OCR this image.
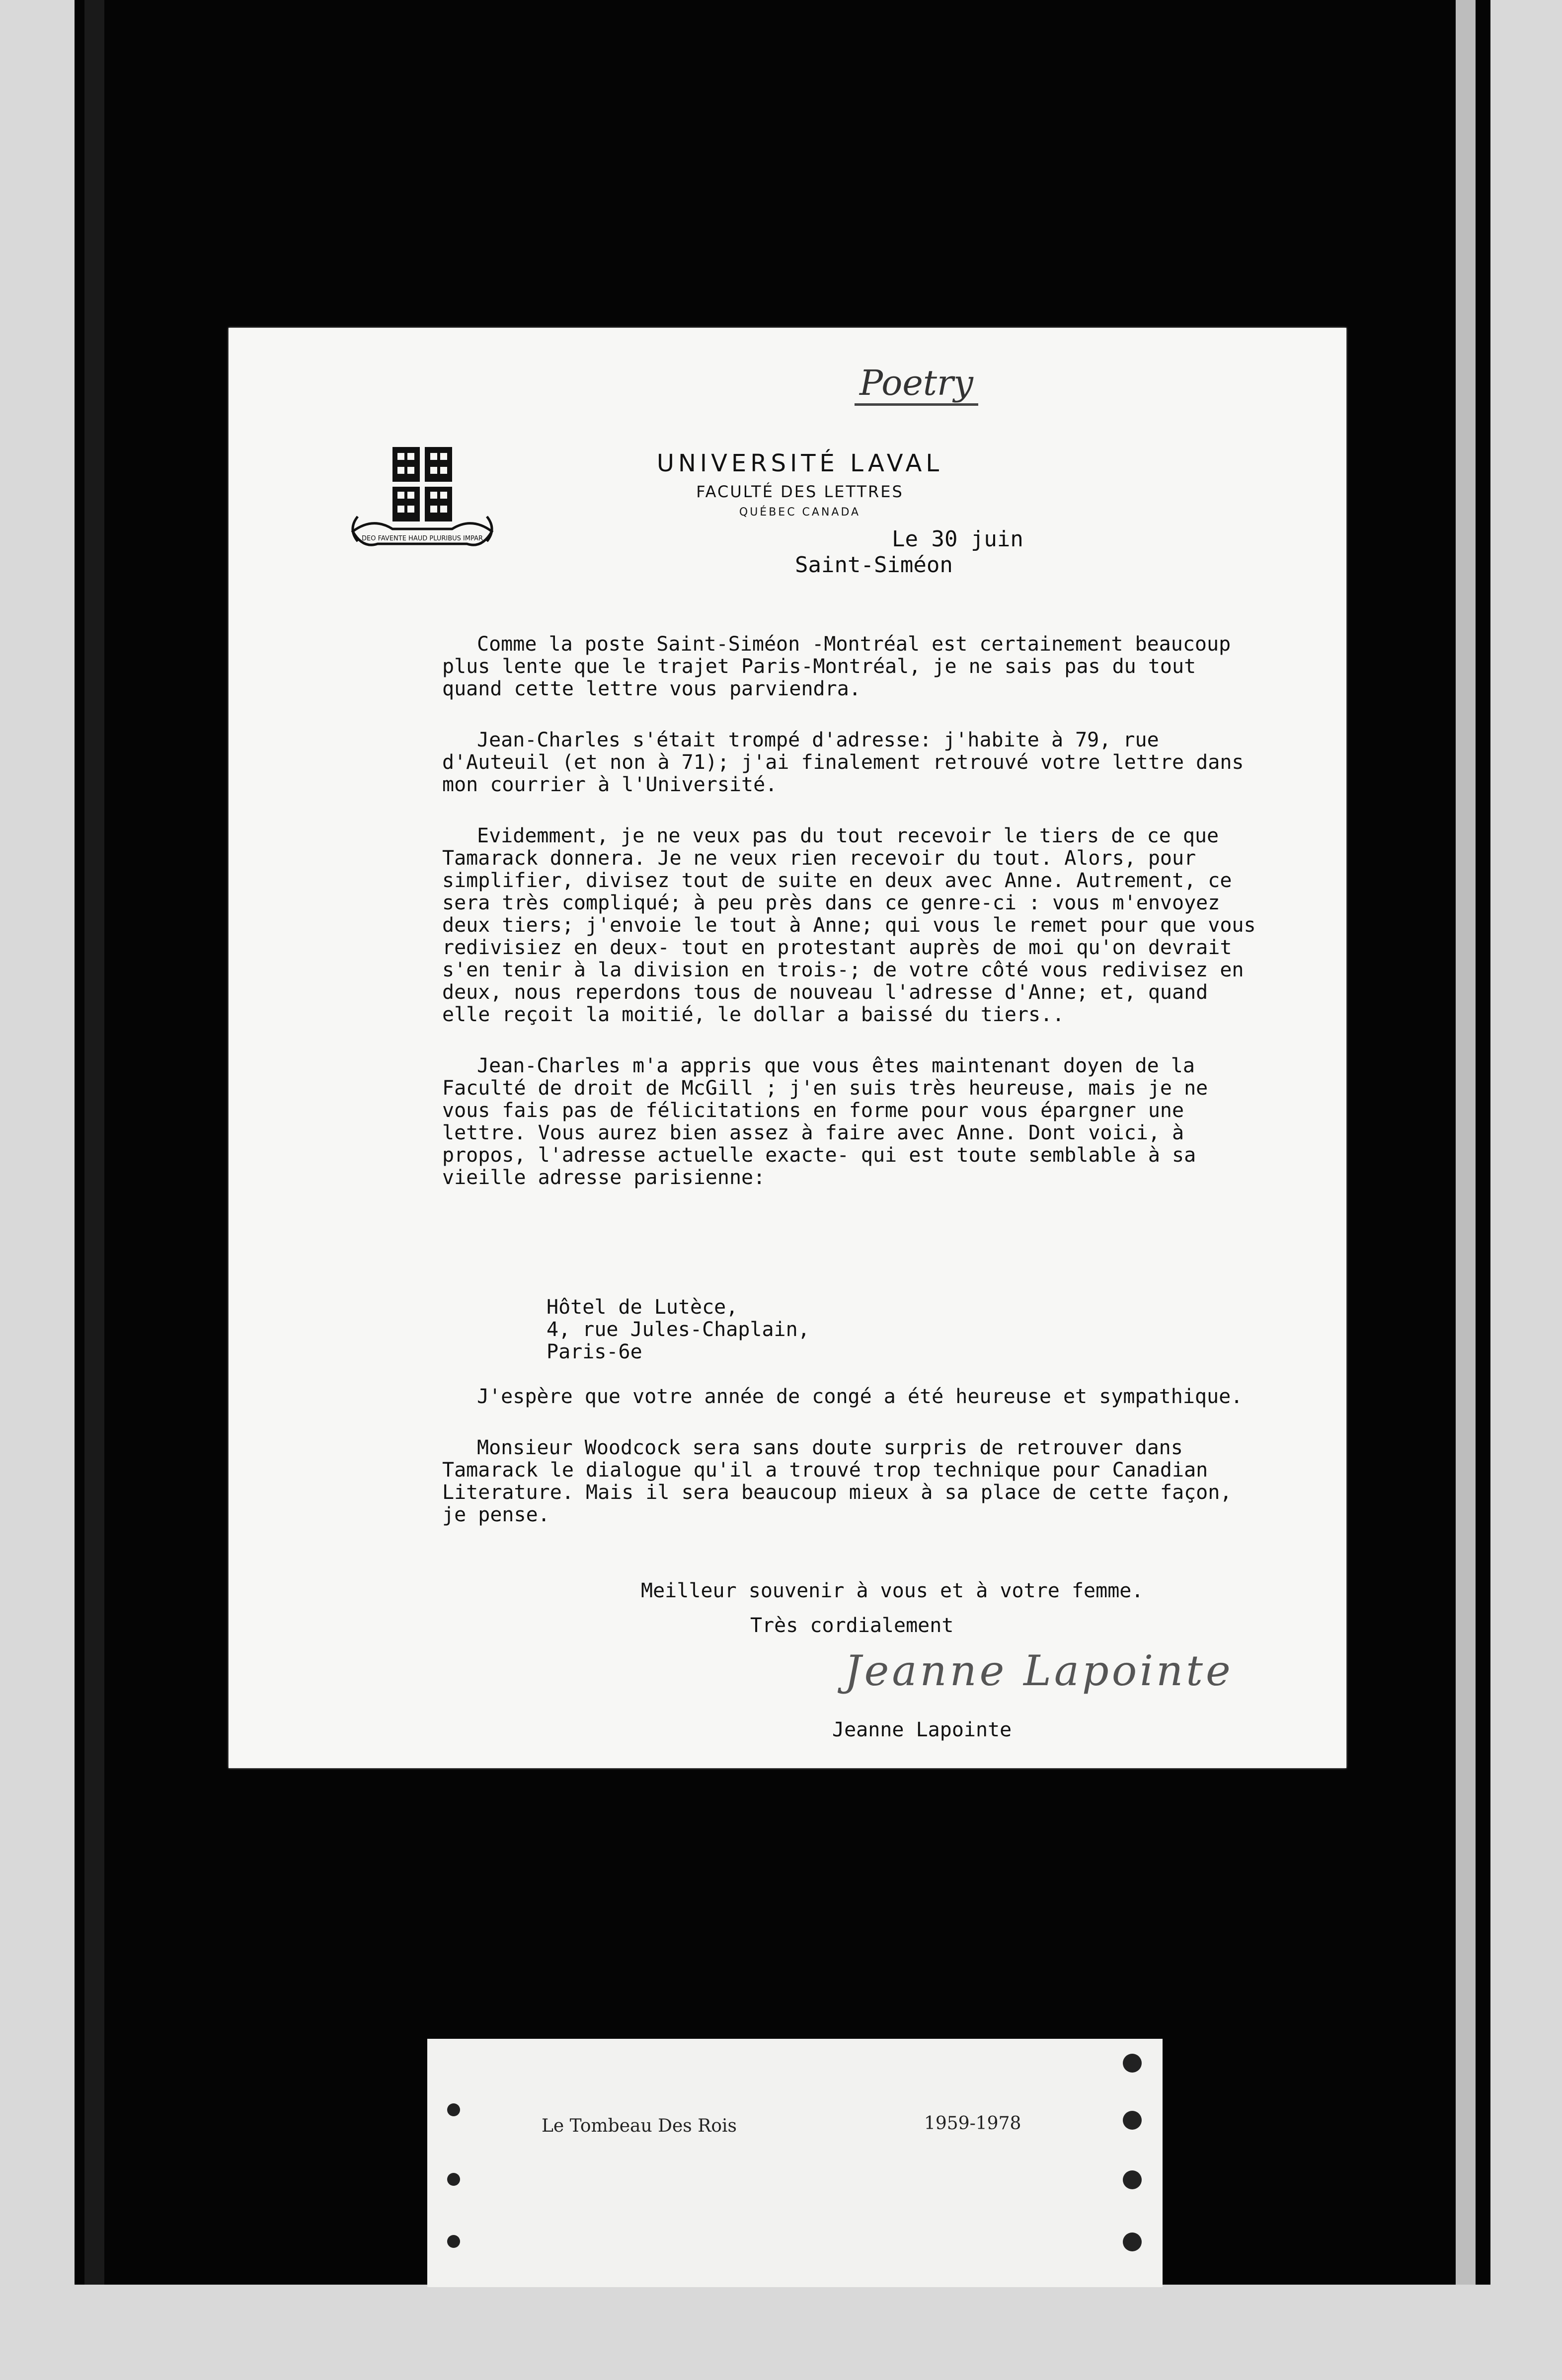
Poetry
DEO FAVENTE HAUD PLURIBUS IMPAR
UNIVERSITÉ LAVAL
FACULTÉ DES LETTRES
QUÉBEC CANADA
Le 30 juin
Saint-Siméon

Comme la poste Saint-Siméon -Montréal est certainement beaucoup plus lente que le trajet Paris-Montréal, je ne sais pas du tout quand cette lettre vous parviendra.

Jean-Charles s'était trompé d'adresse: j'habite à 79, rue d'Auteuil (et non à 71); j'ai finalement retrouvé votre lettre dans mon courrier à l'Université.

Evidemment, je ne veux pas du tout recevoir le tiers de ce que Tamarack donnera. Je ne veux rien recevoir du tout. Alors, pour simplifier, divisez tout de suite en deux avec Anne. Autrement, ce sera très compliqué; à peu près dans ce genre-ci : vous m'envoyez deux tiers; j'envoie le tout à Anne; qui vous le remet pour que vous redivisiez en deux- tout en protestant auprès de moi qu'on devrait s'en tenir à la division en trois-; de votre côté vous redivisez en deux, nous reperdons tous de nouveau l'adresse d'Anne; et, quand elle reçoit la moitié, le dollar a baissé du tiers..

Jean-Charles m'a appris que vous êtes maintenant doyen de la Faculté de droit de McGill ; j'en suis très heureuse, mais je ne vous fais pas de félicitations en forme pour vous épargner une lettre. Vous aurez bien assez à faire avec Anne. Dont voici, à propos, l'adresse actuelle exacte- qui est toute semblable à sa vieille adresse parisienne:

Hôtel de Lutèce,
4, rue Jules-Chaplain,
Paris-6e

J'espère que votre année de congé a été heureuse et sympathique.

Monsieur Woodcock sera sans doute surpris de retrouver dans Tamarack le dialogue qu'il a trouvé trop technique pour Canadian Literature. Mais il sera beaucoup mieux à sa place de cette façon, je pense.

Meilleur souvenir à vous et à votre femme.
Très cordialement
Jeanne Lapointe
Jeanne Lapointe
Le Tombeau Des Rois	1959-1978
